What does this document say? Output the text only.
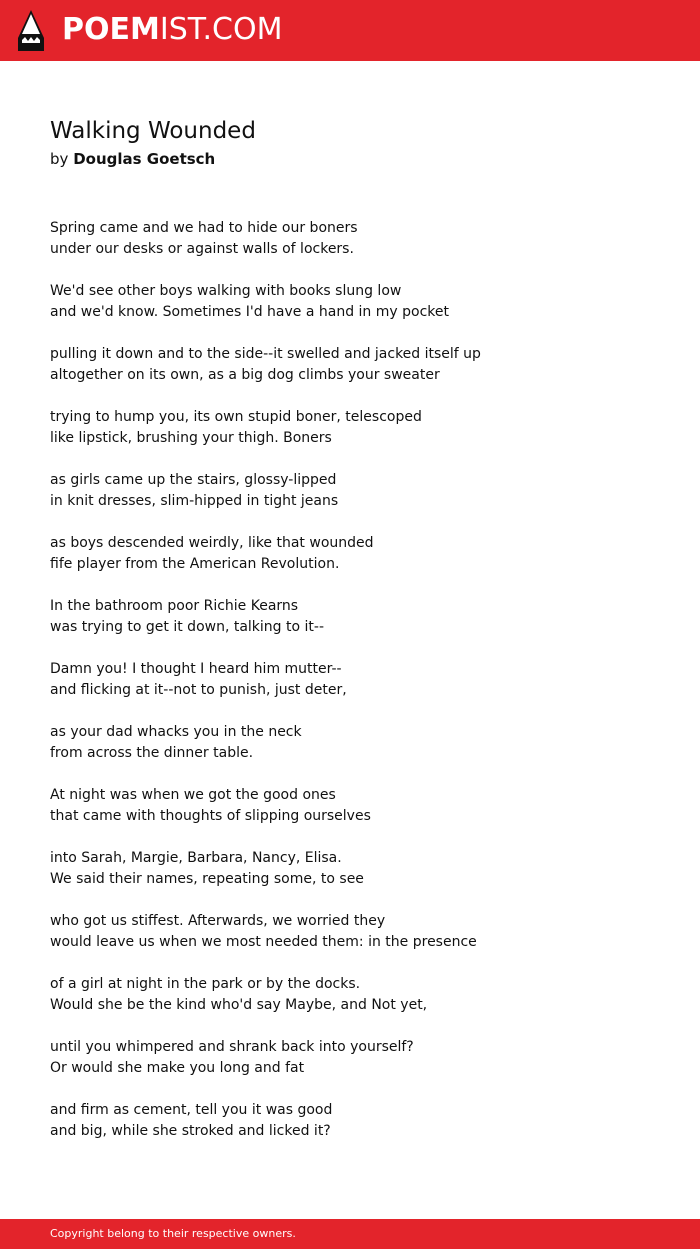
POEMIST.COM
Walking Wounded
by Douglas Goetsch
Spring came and we had to hide our boners
under our desks or against walls of lockers.
We'd see other boys walking with books slung low
and we'd know. Sometimes I'd have a hand in my pocket
pulling it down and to the side--it swelled and jacked itself up
altogether on its own, as a big dog climbs your sweater
trying to hump you, its own stupid boner, telescoped
like lipstick, brushing your thigh. Boners
as girls came up the stairs, glossy-lipped
in knit dresses, slim-hipped in tight jeans
as boys descended weirdly, like that wounded
fife player from the American Revolution.
In the bathroom poor Richie Kearns
was trying to get it down, talking to it--
Damn you! I thought I heard him mutter--
and flicking at it--not to punish, just deter,
as your dad whacks you in the neck
from across the dinner table.
At night was when we got the good ones
that came with thoughts of slipping ourselves
into Sarah, Margie, Barbara, Nancy, Elisa.
We said their names, repeating some, to see
who got us stiffest. Afterwards, we worried they
would leave us when we most needed them: in the presence
of a girl at night in the park or by the docks.
Would she be the kind who'd say Maybe, and Not yet,
until you whimpered and shrank back into yourself?
Or would she make you long and fat
and firm as cement, tell you it was good
and big, while she stroked and licked it?
Copyright belong to their respective owners.
